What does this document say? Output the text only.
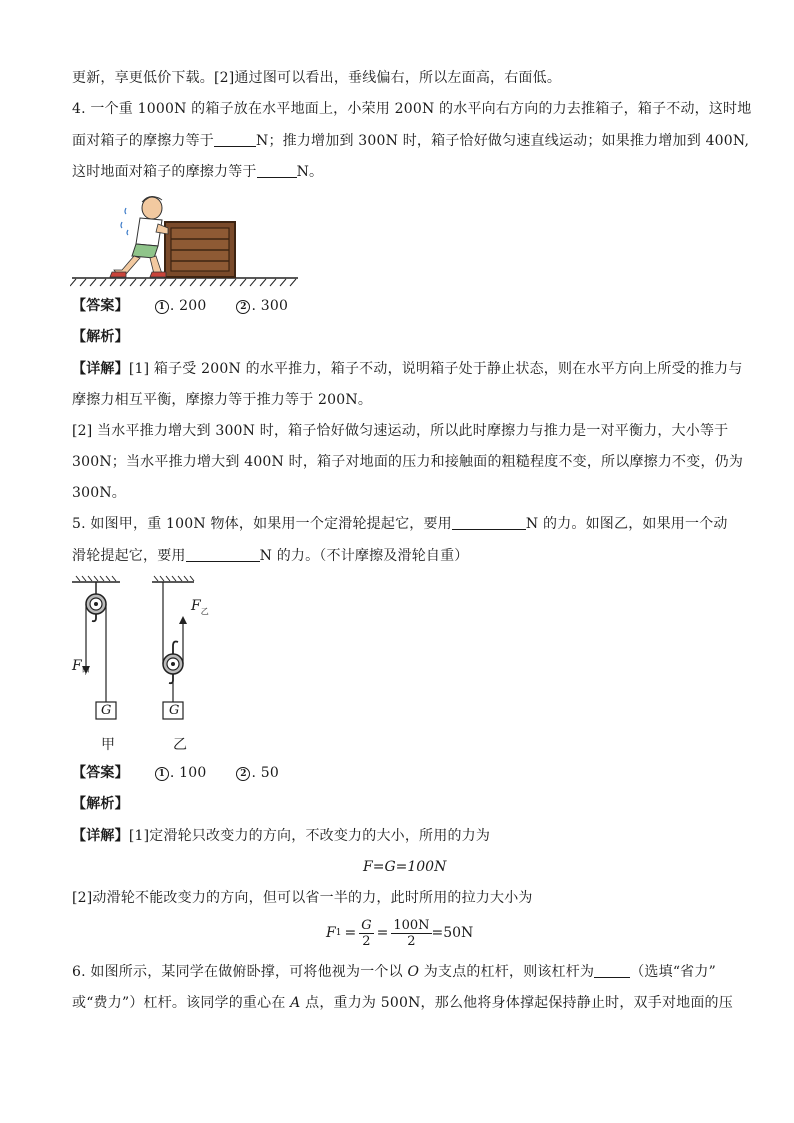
更新，享更低价下载。[2]通过图可以看出，垂线偏右，所以左面高，右面低。
4. 一个重 1000N 的箱子放在水平地面上，小荣用 200N 的水平向右方向的力去推箱子，箱子不动，这时地
面对箱子的摩擦力等于	N；推力增加到 300N 时，箱子恰好做匀速直线运动；如果推力增加到 400N,
这时地面对箱子的摩擦力等于	N。
【答案】	1 . 200	2 . 300
【解析】
【详解】[1] 箱子受 200N 的水平推力，箱子不动，说明箱子处于静止状态，则在水平方向上所受的推力与
摩擦力相互平衡，摩擦力等于推力等于 200N。
[2] 当水平推力增大到 300N 时，箱子恰好做匀速运动，所以此时摩擦力与推力是一对平衡力，大小等于
300N；当水平推力增大到 400N 时，箱子对地面的压力和接触面的粗糙程度不变，所以摩擦力不变，仍为
300N。
5. 如图甲，重 100N 物体，如果用一个定滑轮提起它，要用	N 的力。如图乙，如果用一个动
滑轮提起它，要用	N 的力。（不计摩擦及滑轮自重）
G	G
$F_甲$
$F_乙$
甲	乙
【答案】	1 . 100	2 . 50
【解析】
【详解】[1]定滑轮只改变力的方向，不改变力的大小，所用的力为
F=G=100N
[2]动滑轮不能改变力的方向，但可以省一半的力，此时所用的拉力大小为
F $1 = \frac{G}{2} = \frac{100N}{2} =50N$
6. 如图所示，某同学在做俯卧撑，可将他视为一个以 O 为支点的杠杆，则该杠杆为	（选填“省力”
或“费力”）杠杆。该同学的重心在 A 点，重力为 500N，那么他将身体撑起保持静止时，双手对地面的压
